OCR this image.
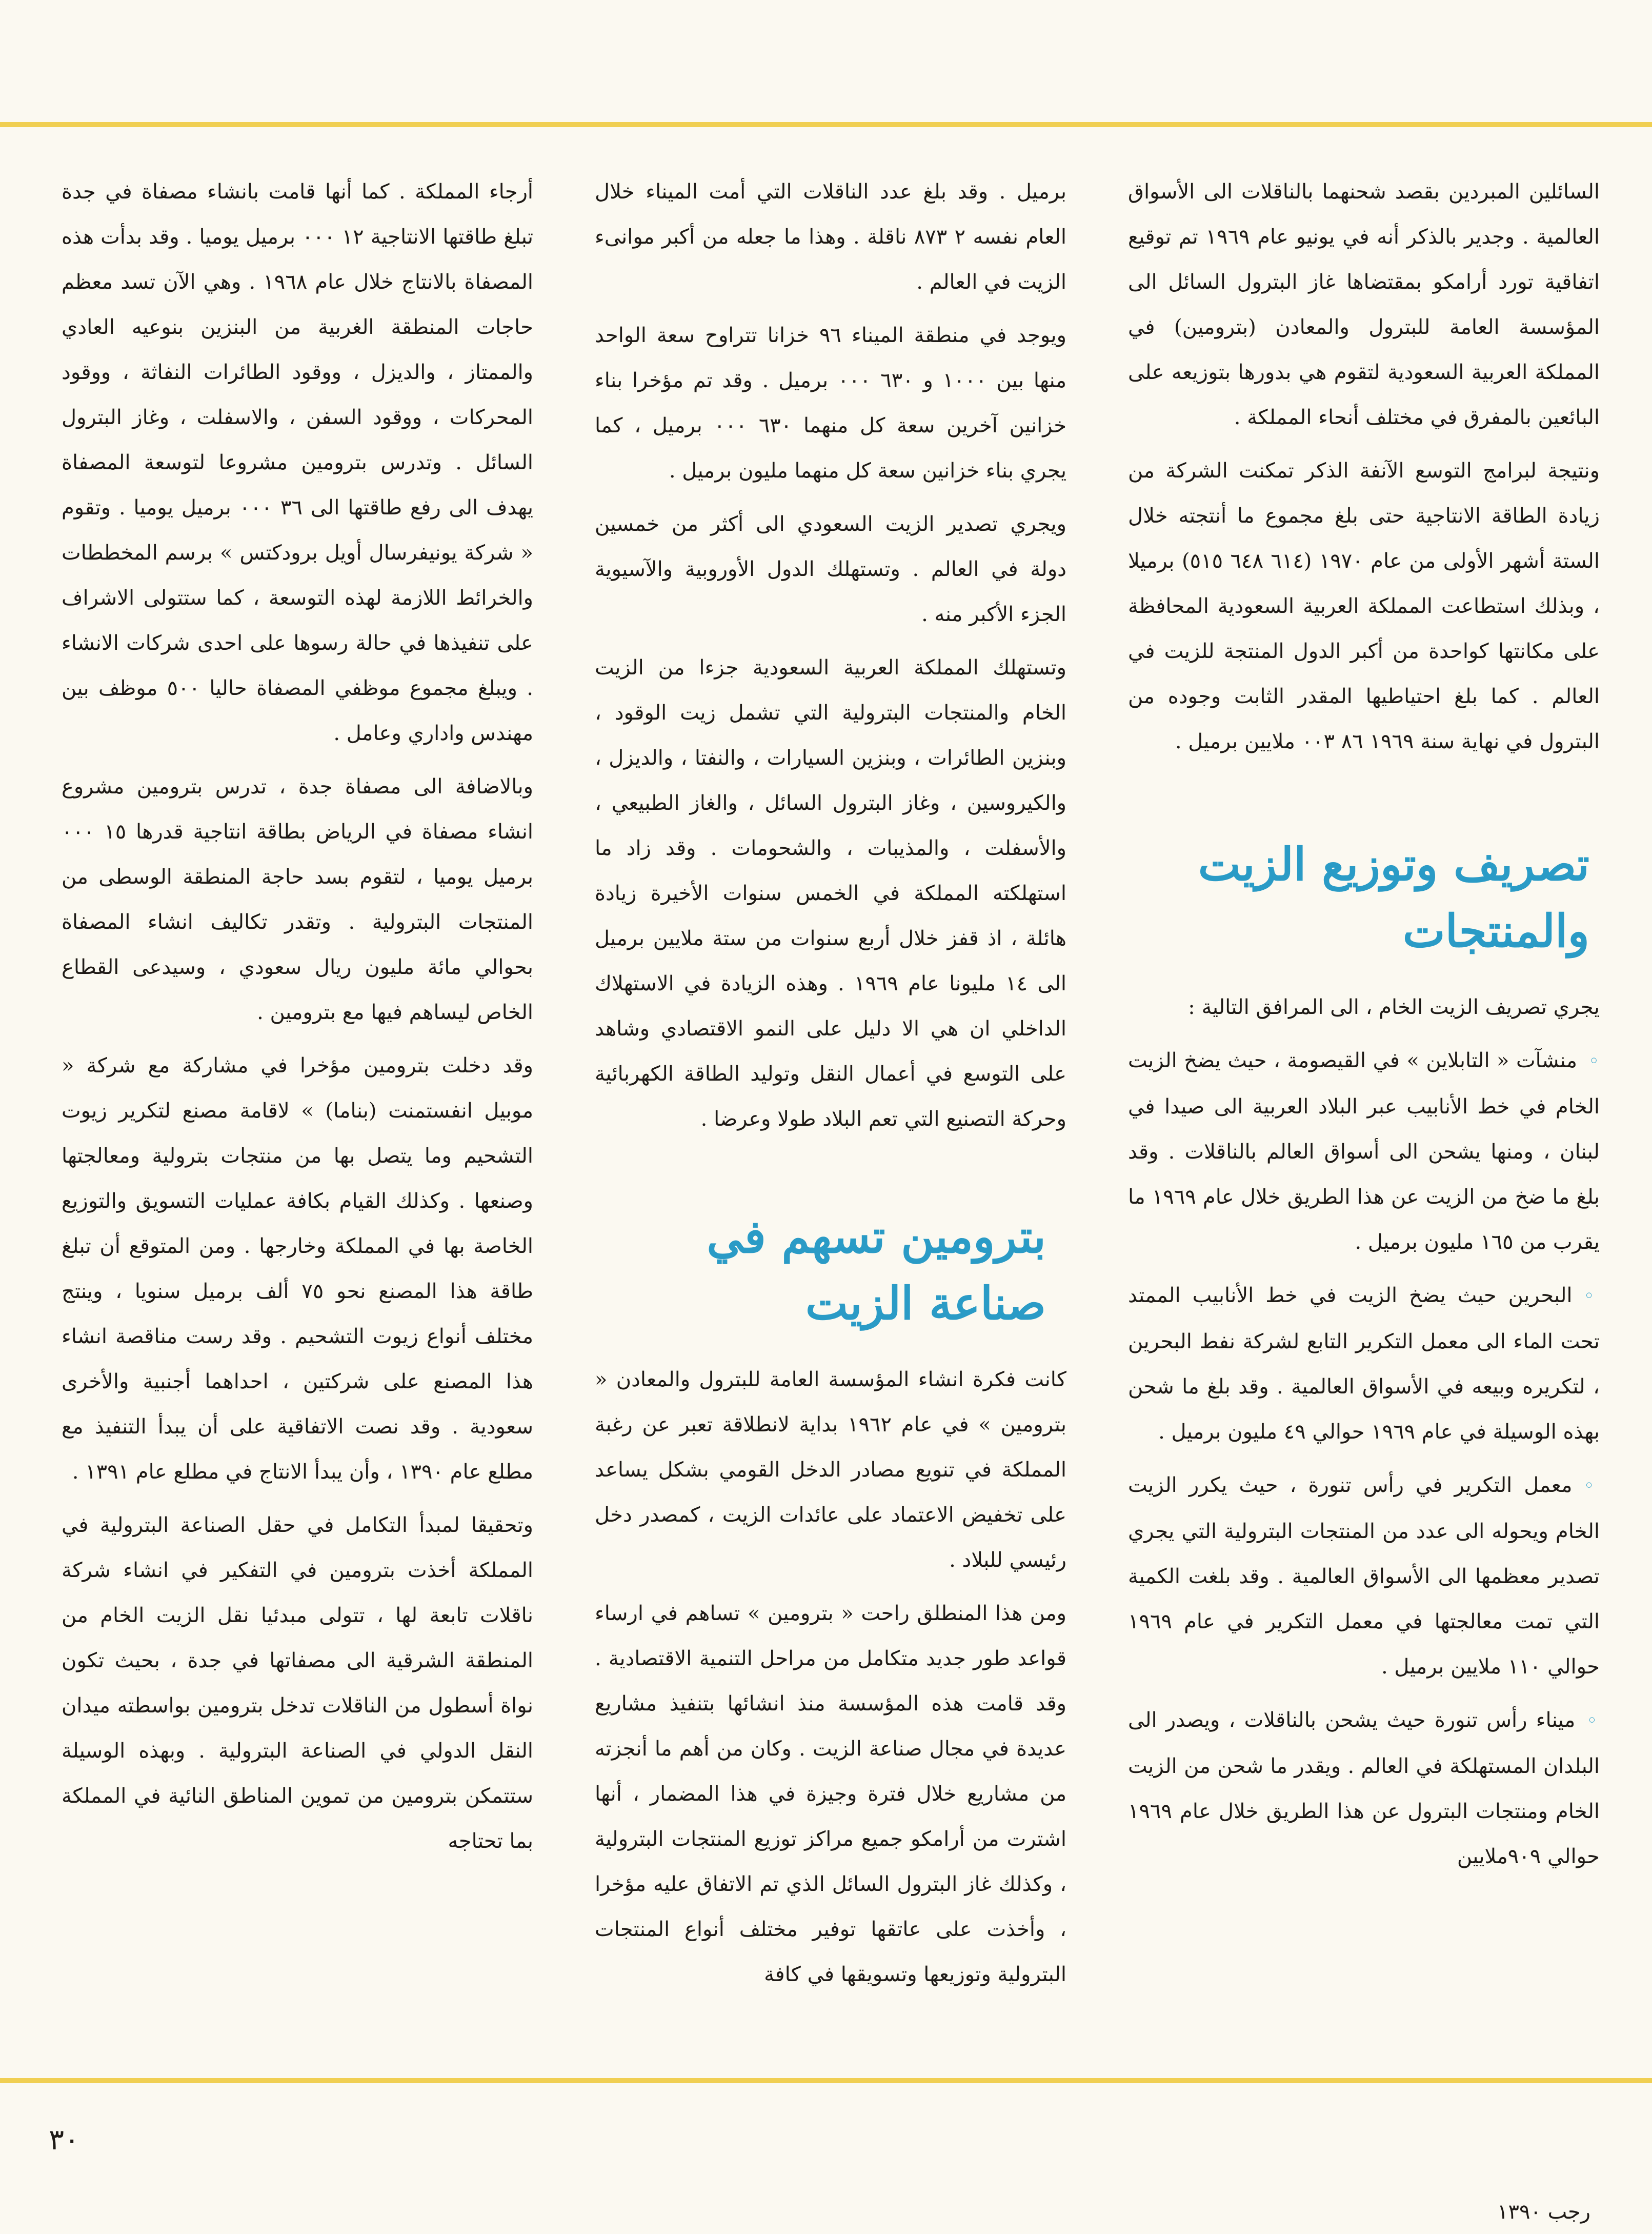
السائلين المبردين بقصد شحنهما بالناقلات الى الأسواق العالمية . وجدير بالذكر أنه في يونيو عام ١٩٦٩ تم توقيع اتفاقية تورد أرامكو بمقتضاها غاز البترول السائل الى المؤسسة العامة للبترول والمعادن (بترومين) في المملكة العربية السعودية لتقوم هي بدورها بتوزيعه على البائعين بالمفرق في مختلف أنحاء المملكة .

ونتيجة لبرامج التوسع الآنفة الذكر تمكنت الشركة من زيادة الطاقة الانتاجية حتى بلغ مجموع ما أنتجته خلال الستة أشهر الأولى من عام ١٩٧٠ (٦١٤ ٦٤٨ ٥١٥) برميلا ، وبذلك استطاعت المملكة العربية السعودية المحافظة على مكانتها كواحدة من أكبر الدول المنتجة للزيت في العالم . كما بلغ احتياطيها المقدر الثابت وجوده من البترول في نهاية سنة ١٩٦٩ ٨٦ ٠٠٣ ملايين برميل .

تصريف وتوزيع الزيت والمنتجات

يجري تصريف الزيت الخام ، الى المرافق التالية :

◦ منشآت « التابلاين » في القيصومة ، حيث يضخ الزيت الخام في خط الأنابيب عبر البلاد العربية الى صيدا في لبنان ، ومنها يشحن الى أسواق العالم بالناقلات . وقد بلغ ما ضخ من الزيت عن هذا الطريق خلال عام ١٩٦٩ ما يقرب من ١٦٥ مليون برميل .

◦ البحرين حيث يضخ الزيت في خط الأنابيب الممتد تحت الماء الى معمل التكرير التابع لشركة نفط البحرين ، لتكريره وبيعه في الأسواق العالمية . وقد بلغ ما شحن بهذه الوسيلة في عام ١٩٦٩ حوالي ٤٩ مليون برميل .

◦ معمل التكرير في رأس تنورة ، حيث يكرر الزيت الخام ويحوله الى عدد من المنتجات البترولية التي يجري تصدير معظمها الى الأسواق العالمية . وقد بلغت الكمية التي تمت معالجتها في معمل التكرير في عام ١٩٦٩ حوالي ١١٠ ملايين برميل .

◦ ميناء رأس تنورة حيث يشحن بالناقلات ، ويصدر الى البلدان المستهلكة في العالم . ويقدر ما شحن من الزيت الخام ومنتجات البترول عن هذا الطريق خلال عام ١٩٦٩ حوالي ٩٠٩ملايين

برميل . وقد بلغ عدد الناقلات التي أمت الميناء خلال العام نفسه ٢ ٨٧٣ ناقلة . وهذا ما جعله من أكبر موانىء الزيت في العالم .

ويوجد في منطقة الميناء ٩٦ خزانا تتراوح سعة الواحد منها بين ١٠٠٠ و ٦٣٠ ٠٠٠ برميل . وقد تم مؤخرا بناء خزانين آخرين سعة كل منهما ٦٣٠ ٠٠٠ برميل ، كما يجري بناء خزانين سعة كل منهما مليون برميل .

ويجري تصدير الزيت السعودي الى أكثر من خمسين دولة في العالم . وتستهلك الدول الأوروبية والآسيوية الجزء الأكبر منه .

وتستهلك المملكة العربية السعودية جزءا من الزيت الخام والمنتجات البترولية التي تشمل زيت الوقود ، وبنزين الطائرات ، وبنزين السيارات ، والنفتا ، والديزل ، والكيروسين ، وغاز البترول السائل ، والغاز الطبيعي ، والأسفلت ، والمذيبات ، والشحومات . وقد زاد ما استهلكته المملكة في الخمس سنوات الأخيرة زيادة هائلة ، اذ قفز خلال أربع سنوات من ستة ملايين برميل الى ١٤ مليونا عام ١٩٦٩ . وهذه الزيادة في الاستهلاك الداخلي ان هي الا دليل على النمو الاقتصادي وشاهد على التوسع في أعمال النقل وتوليد الطاقة الكهربائية وحركة التصنيع التي تعم البلاد طولا وعرضا .

بترومين تسهم في صناعة الزيت

كانت فكرة انشاء المؤسسة العامة للبترول والمعادن « بترومين » في عام ١٩٦٢ بداية لانطلاقة تعبر عن رغبة المملكة في تنويع مصادر الدخل القومي بشكل يساعد على تخفيض الاعتماد على عائدات الزيت ، كمصدر دخل رئيسي للبلاد .

ومن هذا المنطلق راحت « بترومين » تساهم في ارساء قواعد طور جديد متكامل من مراحل التنمية الاقتصادية . وقد قامت هذه المؤسسة منذ انشائها بتنفيذ مشاريع عديدة في مجال صناعة الزيت . وكان من أهم ما أنجزته من مشاريع خلال فترة وجيزة في هذا المضمار ، أنها اشترت من أرامكو جميع مراكز توزيع المنتجات البترولية ، وكذلك غاز البترول السائل الذي تم الاتفاق عليه مؤخرا ، وأخذت على عاتقها توفير مختلف أنواع المنتجات البترولية وتوزيعها وتسويقها في كافة

أرجاء المملكة . كما أنها قامت بانشاء مصفاة في جدة تبلغ طاقتها الانتاجية ١٢ ٠٠٠ برميل يوميا . وقد بدأت هذه المصفاة بالانتاج خلال عام ١٩٦٨ . وهي الآن تسد معظم حاجات المنطقة الغربية من البنزين بنوعيه العادي والممتاز ، والديزل ، ووقود الطائرات النفاثة ، ووقود المحركات ، ووقود السفن ، والاسفلت ، وغاز البترول السائل . وتدرس بترومين مشروعا لتوسعة المصفاة يهدف الى رفع طاقتها الى ٣٦ ٠٠٠ برميل يوميا . وتقوم « شركة يونيفرسال أويل برودكتس » برسم المخططات والخرائط اللازمة لهذه التوسعة ، كما ستتولى الاشراف على تنفيذها في حالة رسوها على احدى شركات الانشاء . ويبلغ مجموع موظفي المصفاة حاليا ٥٠٠ موظف بين مهندس واداري وعامل .

وبالاضافة الى مصفاة جدة ، تدرس بترومين مشروع انشاء مصفاة في الرياض بطاقة انتاجية قدرها ١٥ ٠٠٠ برميل يوميا ، لتقوم بسد حاجة المنطقة الوسطى من المنتجات البترولية . وتقدر تكاليف انشاء المصفاة بحوالي مائة مليون ريال سعودي ، وسيدعى القطاع الخاص ليساهم فيها مع بترومين .

وقد دخلت بترومين مؤخرا في مشاركة مع شركة « موبيل انفستمنت (بناما) » لاقامة مصنع لتكرير زيوت التشحيم وما يتصل بها من منتجات بترولية ومعالجتها وصنعها . وكذلك القيام بكافة عمليات التسويق والتوزيع الخاصة بها في المملكة وخارجها . ومن المتوقع أن تبلغ طاقة هذا المصنع نحو ٧٥ ألف برميل سنويا ، وينتج مختلف أنواع زيوت التشحيم . وقد رست مناقصة انشاء هذا المصنع على شركتين ، احداهما أجنبية والأخرى سعودية . وقد نصت الاتفاقية على أن يبدأ التنفيذ مع مطلع عام ١٣٩٠ ، وأن يبدأ الانتاج في مطلع عام ١٣٩١ .

وتحقيقا لمبدأ التكامل في حقل الصناعة البترولية في المملكة أخذت بترومين في التفكير في انشاء شركة ناقلات تابعة لها ، تتولى مبدئيا نقل الزيت الخام من المنطقة الشرقية الى مصفاتها في جدة ، بحيث تكون نواة أسطول من الناقلات تدخل بترومين بواسطته ميدان النقل الدولي في الصناعة البترولية . وبهذه الوسيلة ستتمكن بترومين من تموين المناطق النائية في المملكة بما تحتاجه

٣٠
رجب ١٣٩٠
